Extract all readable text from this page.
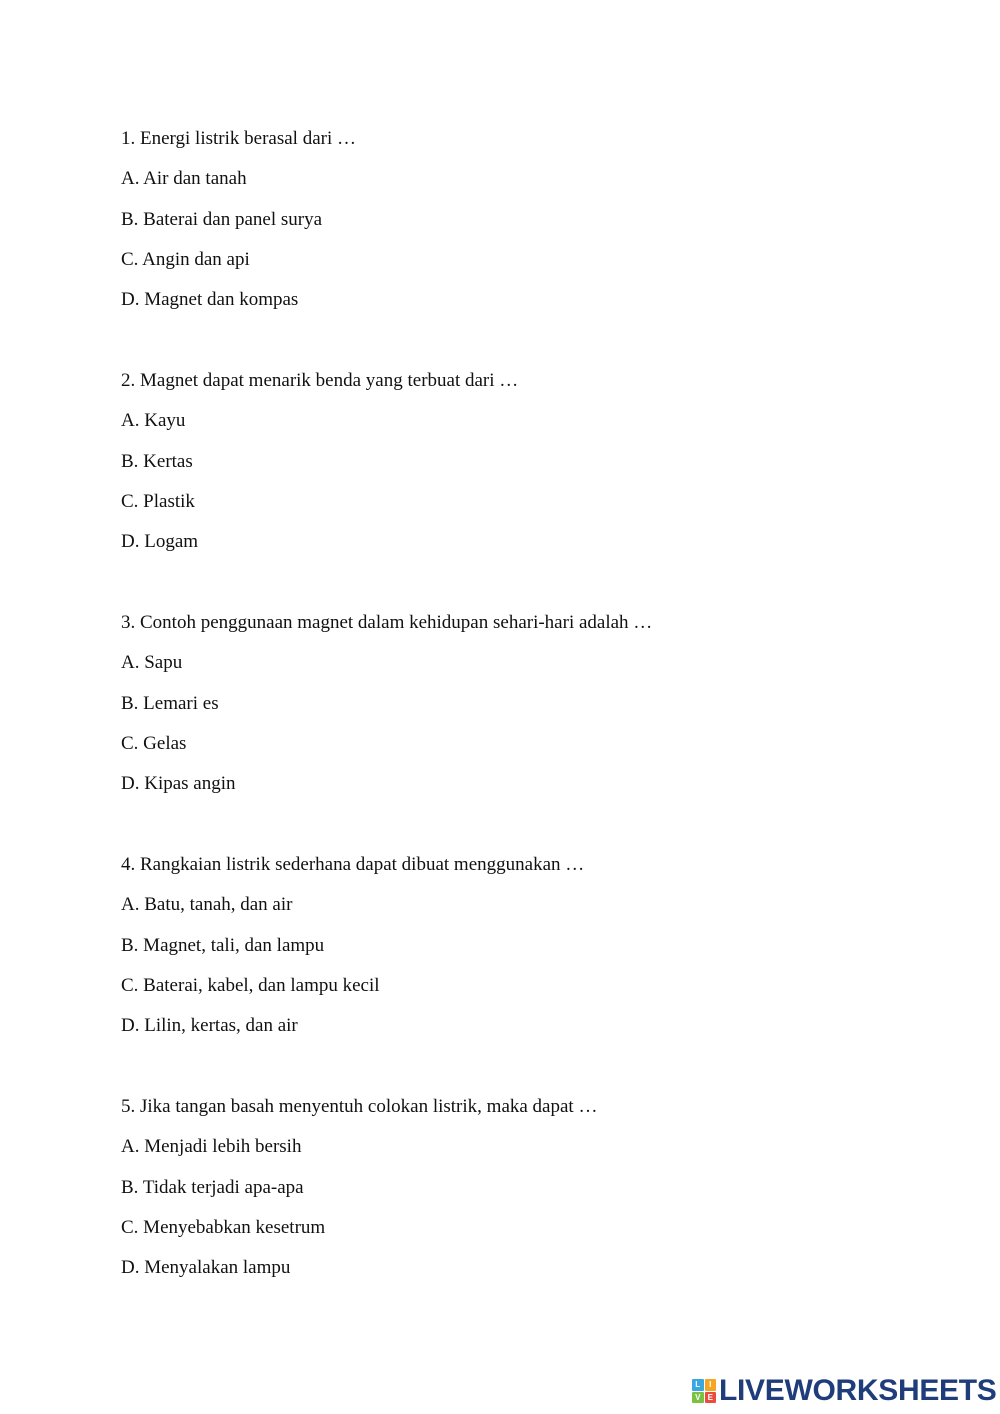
1. Energi listrik berasal dari …
A. Air dan tanah
B. Baterai dan panel surya
C. Angin dan api
D. Magnet dan kompas
2. Magnet dapat menarik benda yang terbuat dari …
A. Kayu
B. Kertas
C. Plastik
D. Logam
3. Contoh penggunaan magnet dalam kehidupan sehari-hari adalah …
A. Sapu
B. Lemari es
C. Gelas
D. Kipas angin
4. Rangkaian listrik sederhana dapat dibuat menggunakan …
A. Batu, tanah, dan air
B. Magnet, tali, dan lampu
C. Baterai, kabel, dan lampu kecil
D. Lilin, kertas, dan air
5. Jika tangan basah menyentuh colokan listrik, maka dapat …
A. Menjadi lebih bersih
B. Tidak terjadi apa-apa
C. Menyebabkan kesetrum
D. Menyalakan lampu
L	I
V E LIVEWORKSHEETS
